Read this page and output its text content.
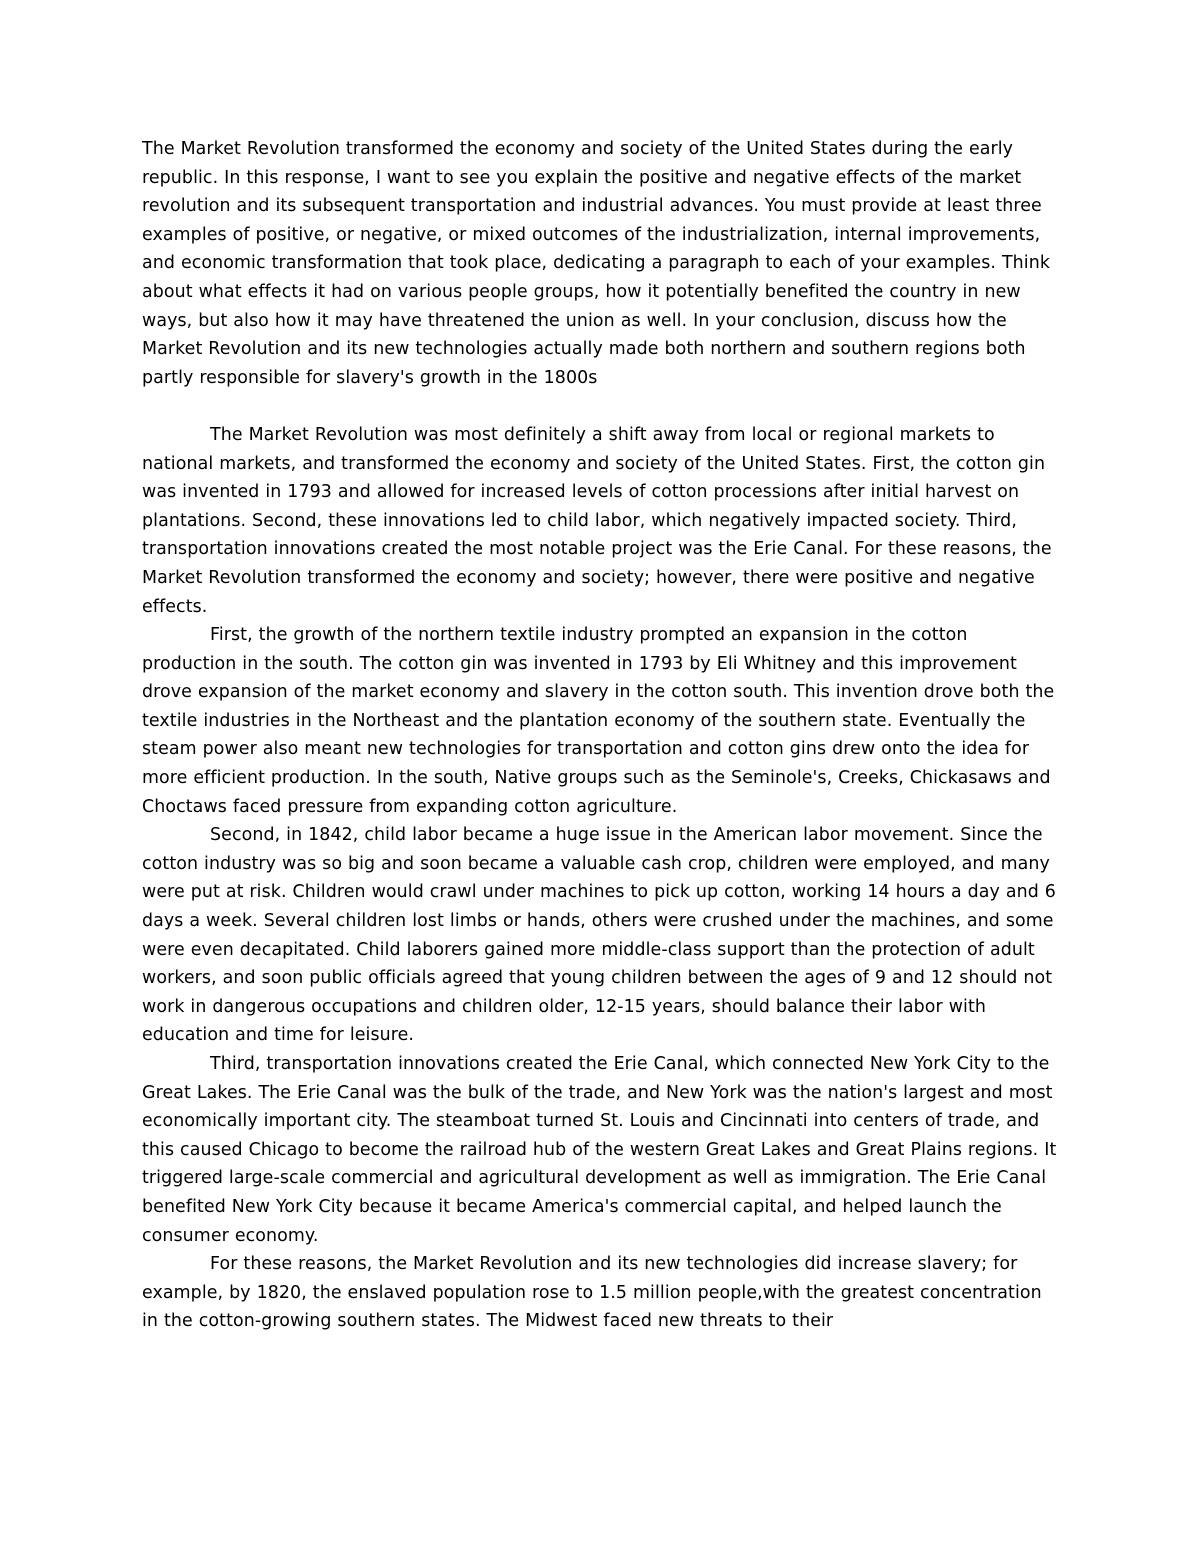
The Market Revolution transformed the economy and society of the United States during the early republic. In this response, I want to see you explain the positive and negative effects of the market revolution and its subsequent transportation and industrial advances. You must provide at least three examples of positive, or negative, or mixed outcomes of the industrialization, internal improvements, and economic transformation that took place, dedicating a paragraph to each of your examples. Think about what effects it had on various people groups, how it potentially benefited the country in new ways, but also how it may have threatened the union as well. In your conclusion, discuss how the Market Revolution and its new technologies actually made both northern and southern regions both partly responsible for slavery's growth in the 1800s

The Market Revolution was most definitely a shift away from local or regional markets to national markets, and transformed the economy and society of the United States. First, the cotton gin was invented in 1793 and allowed for increased levels of cotton processions after initial harvest on plantations. Second, these innovations led to child labor, which negatively impacted society. Third, transportation innovations created the most notable project was the Erie Canal. For these reasons, the Market Revolution transformed the economy and society; however, there were positive and negative effects.

First, the growth of the northern textile industry prompted an expansion in the cotton production in the south. The cotton gin was invented in 1793 by Eli Whitney and this improvement drove expansion of the market economy and slavery in the cotton south. This invention drove both the textile industries in the Northeast and the plantation economy of the southern state. Eventually the steam power also meant new technologies for transportation and cotton gins drew onto the idea for more efficient production. In the south, Native groups such as the Seminole's, Creeks, Chickasaws and Choctaws faced pressure from expanding cotton agriculture.

Second, in 1842, child labor became a huge issue in the American labor movement. Since the cotton industry was so big and soon became a valuable cash crop, children were employed, and many were put at risk. Children would crawl under machines to pick up cotton, working 14 hours a day and 6 days a week. Several children lost limbs or hands, others were crushed under the machines, and some were even decapitated. Child laborers gained more middle-class support than the protection of adult workers, and soon public officials agreed that young children between the ages of 9 and 12 should not work in dangerous occupations and children older, 12-15 years, should balance their labor with education and time for leisure.

Third, transportation innovations created the Erie Canal, which connected New York City to the Great Lakes. The Erie Canal was the bulk of the trade, and New York was the nation's largest and most economically important city. The steamboat turned St. Louis and Cincinnati into centers of trade, and this caused Chicago to become the railroad hub of the western Great Lakes and Great Plains regions. It triggered large-scale commercial and agricultural development as well as immigration. The Erie Canal benefited New York City because it became America's commercial capital, and helped launch the consumer economy.

For these reasons, the Market Revolution and its new technologies did increase slavery; for example, by 1820, the enslaved population rose to 1.5 million people,with the greatest concentration in the cotton-growing southern states. The Midwest faced new threats to their
